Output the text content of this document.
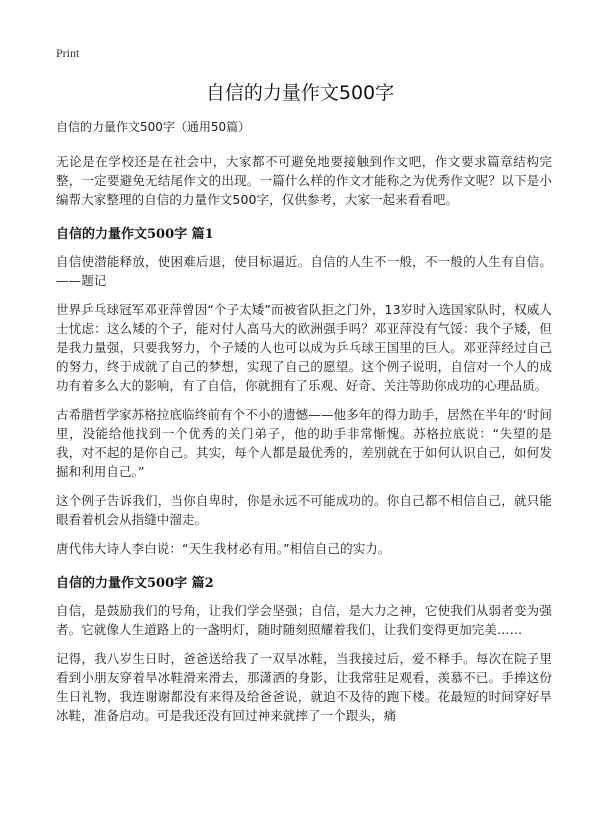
Print
自信的力量作文500字
自信的力量作文500字（通用50篇）

无论是在学校还是在社会中，大家都不可避免地要接触到作文吧，作文要求篇章结构完整，一定要避免无结尾作文的出现。一篇什么样的作文才能称之为优秀作文呢？以下是小编帮大家整理的自信的力量作文500字，仅供参考，大家一起来看看吧。

自信的力量作文500字 篇1

自信使潜能释放，使困难后退，使目标逼近。自信的人生不一般，不一般的人生有自信。——题记

世界乒乓球冠军邓亚萍曾因“个子太矮”而被省队拒之门外，13岁时入选国家队时，权威人士忧虑：这么矮的个子，能对付人高马大的欧洲强手吗？邓亚萍没有气馁：我个子矮，但是我力量强，只要我努力，个子矮的人也可以成为乒乓球王国里的巨人。邓亚萍经过自己的努力，终于成就了自己的梦想，实现了自己的愿望。这个例子说明，自信对一个人的成功有着多么大的影响，有了自信，你就拥有了乐观、好奇、关注等助你成功的心理品质。

古希腊哲学家苏格拉底临终前有个不小的遗憾——他多年的得力助手，居然在半年的‘时间里，没能给他找到一个优秀的关门弟子，他的助手非常惭愧。苏格拉底说：“失望的是我，对不起的是你自己。其实，每个人都是最优秀的，差别就在于如何认识自己，如何发掘和利用自己。”

这个例子告诉我们，当你自卑时，你是永远不可能成功的。你自己都不相信自己，就只能眼看着机会从指缝中溜走。

唐代伟大诗人李白说：“天生我材必有用。”相信自己的实力。

自信的力量作文500字 篇2

自信，是鼓励我们的号角，让我们学会坚强；自信，是大力之神，它使我们从弱者变为强者。它就像人生道路上的一盏明灯，随时随刻照耀着我们，让我们变得更加完美……

记得，我八岁生日时，爸爸送给我了一双旱冰鞋，当我接过后，爱不释手。每次在院子里看到小朋友穿着旱冰鞋滑来滑去，那潇洒的身影，让我常驻足观看，羡慕不已。手捧这份生日礼物，我连谢谢都没有来得及给爸爸说，就迫不及待的跑下楼。花最短的时间穿好旱冰鞋，准备启动。可是我还没有回过神来就摔了一个跟头，痛
